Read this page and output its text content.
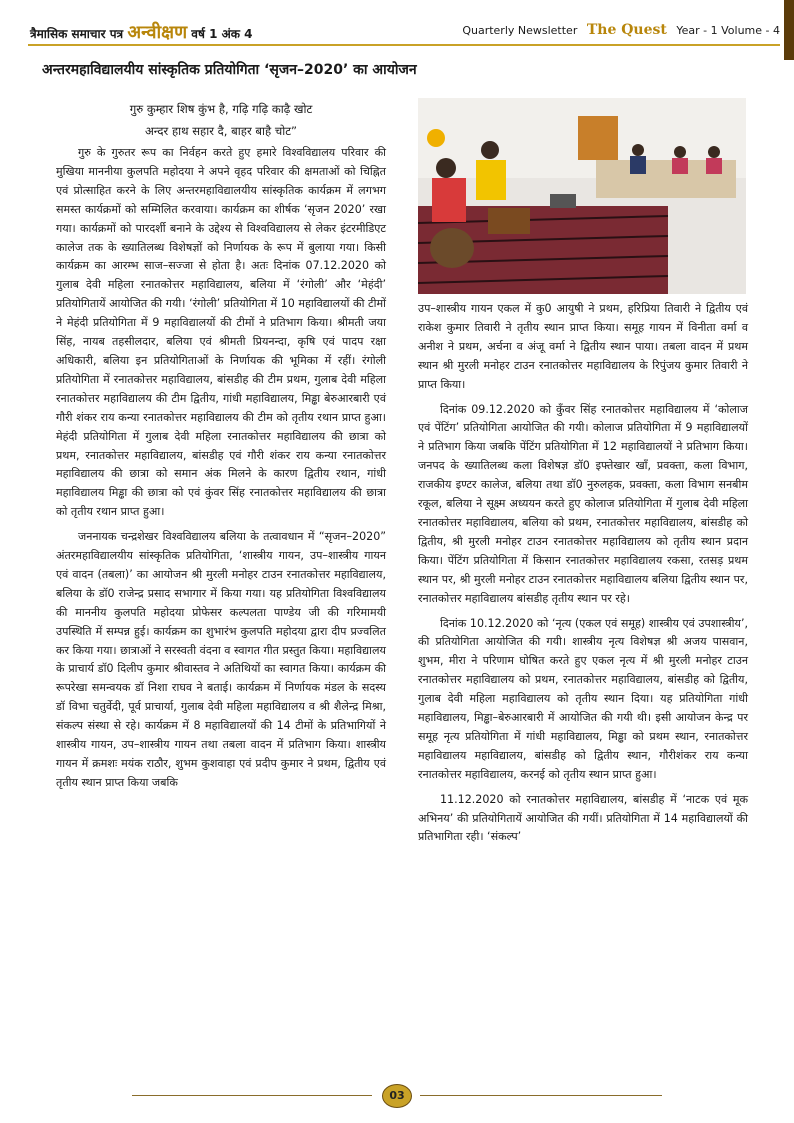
त्रैमासिक समाचार पत्र अन्वीक्षण वर्ष 1 अंक 4	Quarterly Newsletter The Quest Year - 1 Volume - 4
अन्तरमहाविद्यालयीय सांस्कृतिक प्रतियोगिता ‘सृजन–2020’ का आयोजन

गुरु कुम्हार शिष कुंभ है, गढ़ि गढ़ि काढ़ै खोट

अन्दर हाथ सहार दै, बाहर बाहै चोट”

गुरु के गुरुतर रूप का निर्वहन करते हुए हमारे विश्वविद्यालय परिवार की मुखिया माननीया कुलपति महोदया ने अपने वृहद परिवार की क्षमताओं को चिह्नित एवं प्रोत्साहित करने के लिए अन्तरमहाविद्यालयीय सांस्कृतिक कार्यक्रम में लगभग समस्त कार्यक्रमों को सम्मिलित करवाया। कार्यक्रम का शीर्षक ‘सृजन 2020’ रखा गया। कार्यक्रमों को पारदर्शी बनाने के उद्देश्य से विश्वविद्यालय से लेकर इंटरमीडिएट कालेज तक के ख्यातिलब्ध विशेषज्ञों को निर्णायक के रूप में बुलाया गया। किसी कार्यक्रम का आरम्भ साज–सज्जा से होता है। अतः दिनांक 07.12.2020 को गुलाब देवी महिला रनातकोत्तर महाविद्यालय, बलिया में ‘रंगोली’ और ‘मेहंदी’ प्रतियोगितायें आयोजित की गयी। ‘रंगोली’ प्रतियोगिता में 10 महाविद्यालयों की टीमों ने मेहंदी प्रतियोगिता में 9 महाविद्यालयों की टीमों ने प्रतिभाग किया। श्रीमती जया सिंह, नायब तहसीलदार, बलिया एवं श्रीमती प्रियनन्दा, कृषि एवं पादप रक्षा अधिकारी, बलिया इन प्रतियोगिताओं के निर्णायक की भूमिका में रहीं। रंगोली प्रतियोगिता में रनातकोत्तर महाविद्यालय, बांसडीह की टीम प्रथम, गुलाब देवी महिला रनातकोत्तर महाविद्यालय की टीम द्वितीय, गांधी महाविद्यालय, मिड्ढा बेरुआरबारी एवं गौरी शंकर राय कन्या रनातकोत्तर महाविद्यालय की टीम को तृतीय रथान प्राप्त हुआ। मेहंदी प्रतियोगिता में गुलाब देवी महिला रनातकोत्तर महाविद्यालय की छात्रा को प्रथम, रनातकोत्तर महाविद्यालय, बांसडीह एवं गौरी शंकर राय कन्या रनातकोत्तर महाविद्यालय की छात्रा को समान अंक मिलने के कारण द्वितीय रथान, गांधी महाविद्यालय मिड्ढा की छात्रा को एवं कुंवर सिंह रनातकोत्तर महाविद्यालय की छात्रा को तृतीय रथान प्राप्त हुआ।

जननायक चन्द्रशेखर विश्वविद्यालय बलिया के तत्वावधान में “सृजन–2020” अंतरमहाविद्यालयीय सांस्कृतिक प्रतियोगिता, ‘शास्त्रीय गायन, उप–शास्त्रीय गायन एवं वादन (तबला)’ का आयोजन श्री मुरली मनोहर टाउन रनातकोत्तर महाविद्यालय, बलिया के डॉ0 राजेन्द्र प्रसाद सभागार में किया गया। यह प्रतियोगिता विश्वविद्यालय की माननीय कुलपति महोदया प्रोफेसर कल्पलता पाण्डेय जी की गरिमामयी उपस्थिति में सम्पन्न हुई। कार्यक्रम का शुभारंभ कुलपति महोदया द्वारा दीप प्रज्वलित कर किया गया। छात्राओं ने सरस्वती वंदना व स्वागत गीत प्रस्तुत किया। महाविद्यालय के प्राचार्य डॉ0 दिलीप कुमार श्रीवास्तव ने अतिथियों का स्वागत किया। कार्यक्रम की रूपरेखा समन्वयक डॉ निशा राघव ने बताई। कार्यक्रम में निर्णायक मंडल के सदस्य डॉ विभा चतुर्वेदी, पूर्व प्राचार्या, गुलाब देवी महिला महाविद्यालय व श्री शैलेन्द्र मिश्रा, संकल्प संस्था से रहे। कार्यक्रम में 8 महाविद्यालयों की 14 टीमों के प्रतिभागियों ने शास्त्रीय गायन, उप–शास्त्रीय गायन तथा तबला वादन में प्रतिभाग किया। शास्त्रीय गायन में क्रमशः मयंक राठौर, शुभम कुशवाहा एवं प्रदीप कुमार ने प्रथम, द्वितीय एवं तृतीय स्थान प्राप्त किया जबकि

उप–शास्त्रीय गायन एकल में कु0 आयुषी ने प्रथम, हरिप्रिया तिवारी ने द्वितीय एवं राकेश कुमार तिवारी ने तृतीय स्थान प्राप्त किया। समूह गायन में विनीता वर्मा व अनीश ने प्रथम, अर्चना व अंजू वर्मा ने द्वितीय स्थान पाया। तबला वादन में प्रथम स्थान श्री मुरली मनोहर टाउन रनातकोत्तर महाविद्यालय के रिपुंजय कुमार तिवारी ने प्राप्त किया।

दिनांक 09.12.2020 को कुँवर सिंह रनातकोत्तर महाविद्यालय में ‘कोलाज एवं पेंटिंग’ प्रतियोगिता आयोजित की गयी। कोलाज प्रतियोगिता में 9 महाविद्यालयों ने प्रतिभाग किया जबकि पेंटिंग प्रतियोगिता में 12 महाविद्यालयों ने प्रतिभाग किया। जनपद के ख्यातिलब्ध कला विशेषज्ञ डॉ0 इफ्तेखार खाँ, प्रवक्ता, कला विभाग, राजकीय इण्टर कालेज, बलिया तथा डॉ0 नुरुलहक, प्रवक्ता, कला विभाग सनबीम रकूल, बलिया ने सूक्ष्म अध्ययन करते हुए कोलाज प्रतियोगिता में गुलाब देवी महिला रनातकोत्तर महाविद्यालय, बलिया को प्रथम, रनातकोत्तर महाविद्यालय, बांसडीह को द्वितीय, श्री मुरली मनोहर टाउन रनातकोत्तर महाविद्यालय को तृतीय स्थान प्रदान किया। पेंटिंग प्रतियोगिता में किसान रनातकोत्तर महाविद्यालय रकसा, रतसड़ प्रथम स्थान पर, श्री मुरली मनोहर टाउन रनातकोत्तर महाविद्यालय बलिया द्वितीय स्थान पर, रनातकोत्तर महाविद्यालय बांसडीह तृतीय स्थान पर रहे।

दिनांक 10.12.2020 को ‘नृत्य (एकल एवं समूह) शास्त्रीय एवं उपशास्त्रीय’, की प्रतियोगिता आयोजित की गयी। शास्त्रीय नृत्य विशेषज्ञ श्री अजय पासवान, शुभम, मीरा ने परिणाम घोषित करते हुए एकल नृत्य में श्री मुरली मनोहर टाउन रनातकोत्तर महाविद्यालय को प्रथम, रनातकोत्तर महाविद्यालय, बांसडीह को द्वितीय, गुलाब देवी महिला महाविद्यालय को तृतीय स्थान दिया। यह प्रतियोगिता गांधी महाविद्यालय, मिड्ढा–बेरुआरबारी में आयोजित की गयी थी। इसी आयोजन केन्द्र पर समूह नृत्य प्रतियोगिता में गांधी महाविद्यालय, मिड्ढा को प्रथम स्थान, रनातकोत्तर महाविद्यालय महाविद्यालय, बांसडीह को द्वितीय स्थान, गौरीशंकर राय कन्या रनातकोत्तर महाविद्यालय, करनई को तृतीय स्थान प्राप्त हुआ।

11.12.2020 को रनातकोत्तर महाविद्यालय, बांसडीह में ‘नाटक एवं मूक अभिनय’ की प्रतियोगितायें आयोजित की गयीं। प्रतियोगिता में 14 महाविद्यालयों की प्रतिभागिता रही। ‘संकल्प’

03
